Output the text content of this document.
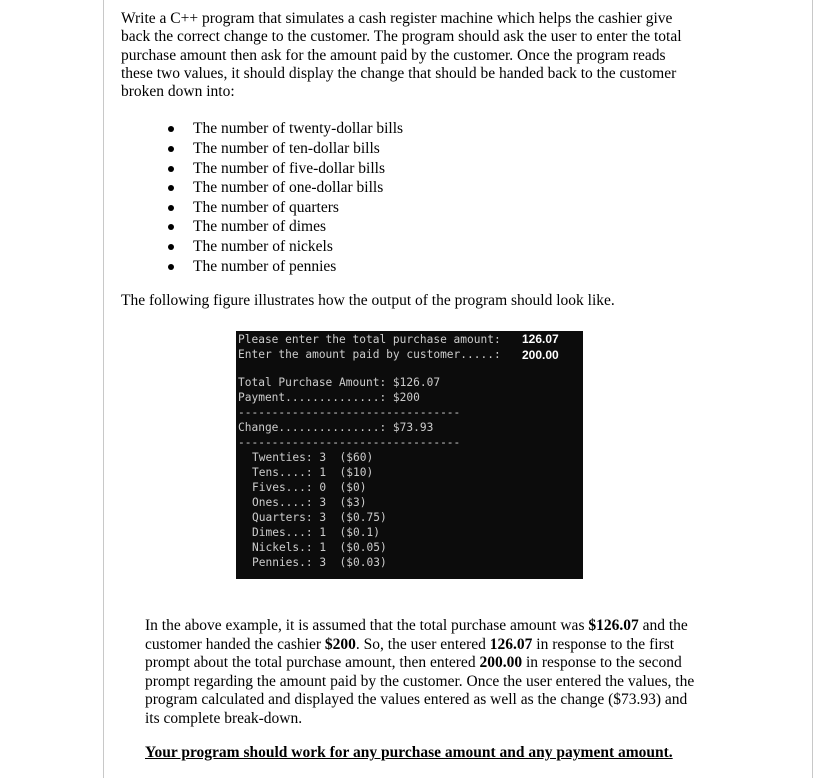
Write a C++ program that simulates a cash register machine which helps the cashier give back the correct change to the customer. The program should ask the user to enter the total purchase amount then ask for the amount paid by the customer. Once the program reads these two values, it should display the change that should be handed back to the customer broken down into:

The number of twenty-dollar bills
The number of ten-dollar bills
The number of five-dollar bills
The number of one-dollar bills
The number of quarters
The number of dimes
The number of nickels
The number of pennies

The following figure illustrates how the output of the program should look like.

Please enter the total purchase amount: 126.07
Enter the amount paid by customer.....: 200.00
Total Purchase Amount: $126.07
Payment..............: $200
---------------------------------
Change...............: $73.93
---------------------------------
Twenties: 3  ($60)
Tens....: 1  ($10)
Fives...: 0  ($0)
Ones....: 3  ($3)
Quarters: 3  ($0.75)
Dimes...: 1  ($0.1)
Nickels.: 1  ($0.05)
Pennies.: 3  ($0.03)

In the above example, it is assumed that the total purchase amount was $126.07 and the customer handed the cashier $200. So, the user entered 126.07 in response to the first prompt about the total purchase amount, then entered 200.00 in response to the second prompt regarding the amount paid by the customer. Once the user entered the values, the program calculated and displayed the values entered as well as the change ($73.93) and its complete break-down.

Your program should work for any purchase amount and any payment amount.
